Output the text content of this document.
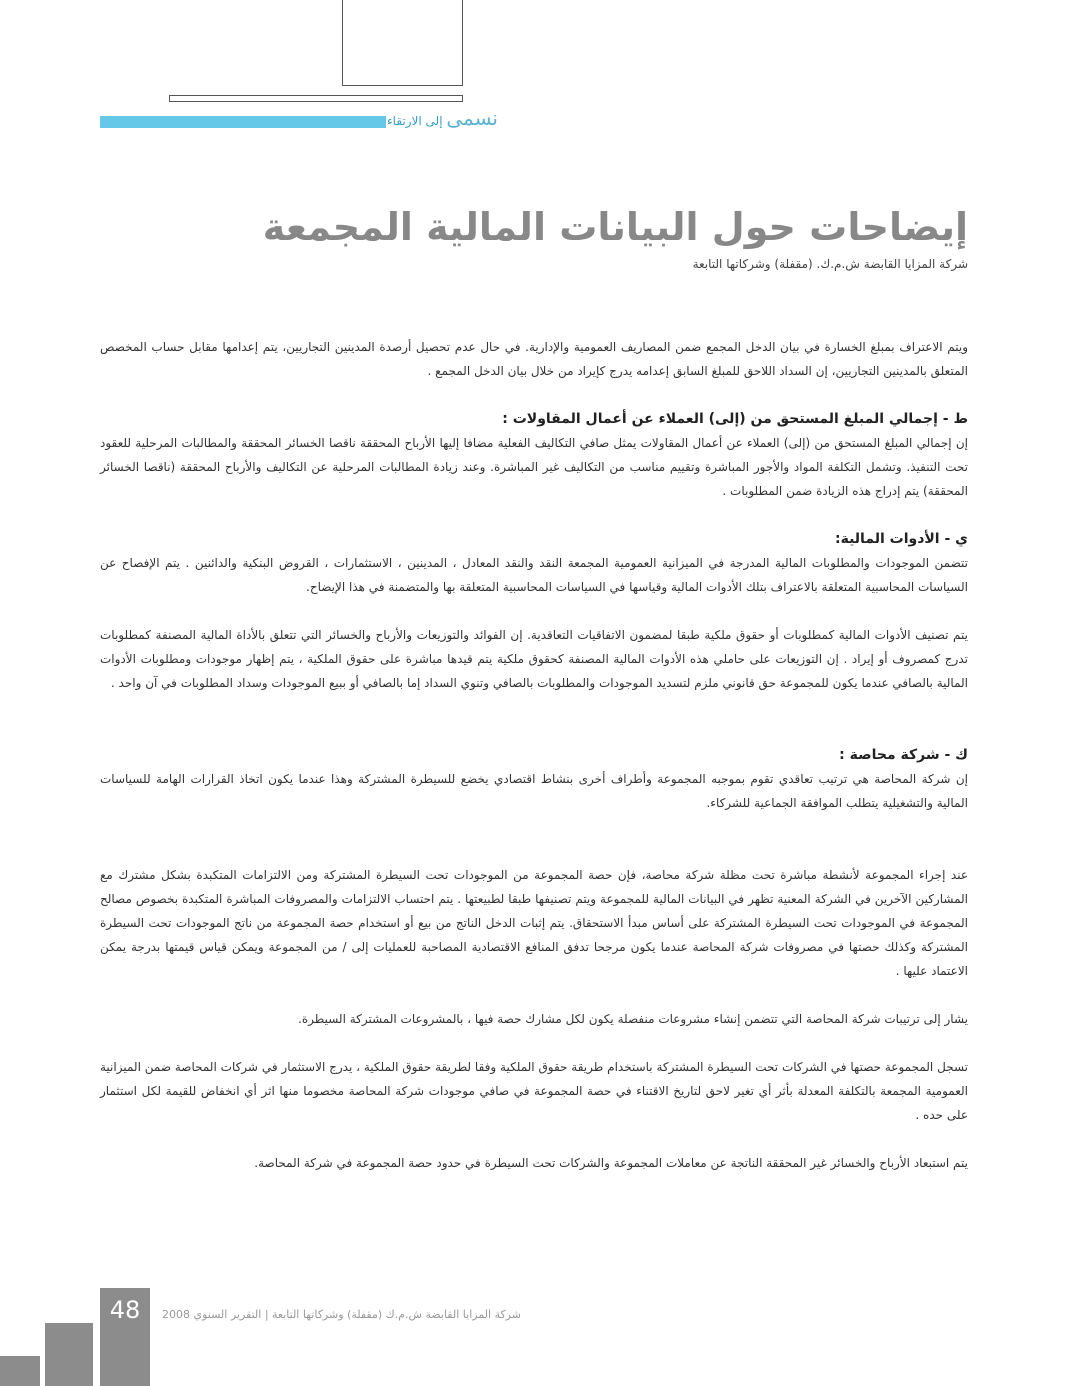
نسمى إلى الارتقاء
إيضاحات حول البيانات المالية المجمعة
شركة المزايا القابضة ش.م.ك. (مقفلة) وشركاتها التابعة

ويتم الاعتراف بمبلغ الخسارة في بيان الدخل المجمع ضمن المصاريف العمومية والإدارية. في حال عدم تحصيل أرصدة المدينين التجاريين، يتم إعدامها مقابل حساب المخصص المتعلق بالمدينين التجاريين، إن السداد اللاحق للمبلغ السابق إعدامه يدرج كإيراد من خلال بيان الدخل المجمع .

ط - إجمالي المبلغ المستحق من (إلى) العملاء عن أعمال المقاولات :

إن إجمالي المبلغ المستحق من (إلى) العملاء عن أعمال المقاولات يمثل صافي التكاليف الفعلية مضافا إليها الأرباح المحققة ناقصا الخسائر المحققة والمطالبات المرحلية للعقود تحت التنفيذ. وتشمل التكلفة المواد والأجور المباشرة وتقييم مناسب من التكاليف غير المباشرة. وعند زيادة المطالبات المرحلية عن التكاليف والأرباح المحققة (ناقصا الخسائر المحققة) يتم إدراج هذه الزيادة ضمن المطلوبات .

ي - الأدوات المالية:

تتضمن الموجودات والمطلوبات المالية المدرجة في الميزانية العمومية المجمعة النقد والنقد المعادل ، المدينين ، الاستثمارات ، القروض البنكية والدائنين . يتم الإفصاح عن السياسات المحاسبية المتعلقة بالاعتراف بتلك الأدوات المالية وقياسها في السياسات المحاسبية المتعلقة بها والمتضمنة في هذا الإيضاح.

يتم تصنيف الأدوات المالية كمطلوبات أو حقوق ملكية طبقا لمضمون الاتفاقيات التعاقدية. إن الفوائد والتوزيعات والأرباح والخسائر التي تتعلق بالأداة المالية المصنفة كمطلوبات تدرج كمصروف أو إيراد . إن التوزيعات على حاملي هذه الأدوات المالية المصنفة كحقوق ملكية يتم قيدها مباشرة على حقوق الملكية ، يتم إظهار موجودات ومطلوبات الأدوات المالية بالصافي عندما يكون للمجموعة حق قانوني ملزم لتسديد الموجودات والمطلوبات بالصافي وتنوي السداد إما بالصافي أو ببيع الموجودات وسداد المطلوبات في آن واحد .

ك - شركة محاصة :

إن شركة المحاصة هي ترتيب تعاقدي تقوم بموجبه المجموعة وأطراف أخرى بنشاط اقتصادي يخضع للسيطرة المشتركة وهذا عندما يكون اتخاذ القرارات الهامة للسياسات المالية والتشغيلية يتطلب الموافقة الجماعية للشركاء.

عند إجراء المجموعة لأنشطة مباشرة تحت مظلة شركة محاصة، فإن حصة المجموعة من الموجودات تحت السيطرة المشتركة ومن الالتزامات المتكبدة بشكل مشترك مع المشاركين الآخرين في الشركة المعنية تظهر في البيانات المالية للمجموعة ويتم تصنيفها طبقا لطبيعتها . يتم احتساب الالتزامات والمصروفات المباشرة المتكبدة بخصوص مصالح المجموعة في الموجودات تحت السيطرة المشتركة على أساس مبدأ الاستحقاق. يتم إثبات الدخل الناتج من بيع أو استخدام حصة المجموعة من ناتج الموجودات تحت السيطرة المشتركة وكذلك حصتها في مصروفات شركة المحاصة عندما يكون مرجحا تدفق المنافع الاقتصادية المصاحبة للعمليات إلى / من المجموعة ويمكن قياس قيمتها بدرجة يمكن الاعتماد عليها .

يشار إلى ترتيبات شركة المحاصة التي تتضمن إنشاء مشروعات منفصلة يكون لكل مشارك حصة فيها ، بالمشروعات المشتركة السيطرة.

تسجل المجموعة حصتها في الشركات تحت السيطرة المشتركة باستخدام طريقة حقوق الملكية وفقا لطريقة حقوق الملكية ، يدرج الاستثمار في شركات المحاصة ضمن الميزانية العمومية المجمعة بالتكلفة المعدلة بأثر أي تغير لاحق لتاريخ الاقتناء في حصة المجموعة في صافي موجودات شركة المحاصة مخصوما منها اثر أي انخفاض للقيمة لكل استثمار على حده .

يتم استبعاد الأرباح والخسائر غير المحققة الناتجة عن معاملات المجموعة والشركات تحت السيطرة في حدود حصة المجموعة في شركة المحاصة.

48	شركة المزايا القابضة ش.م.ك (مقفلة) وشركاتها التابعة | التقرير السنوي 2008
